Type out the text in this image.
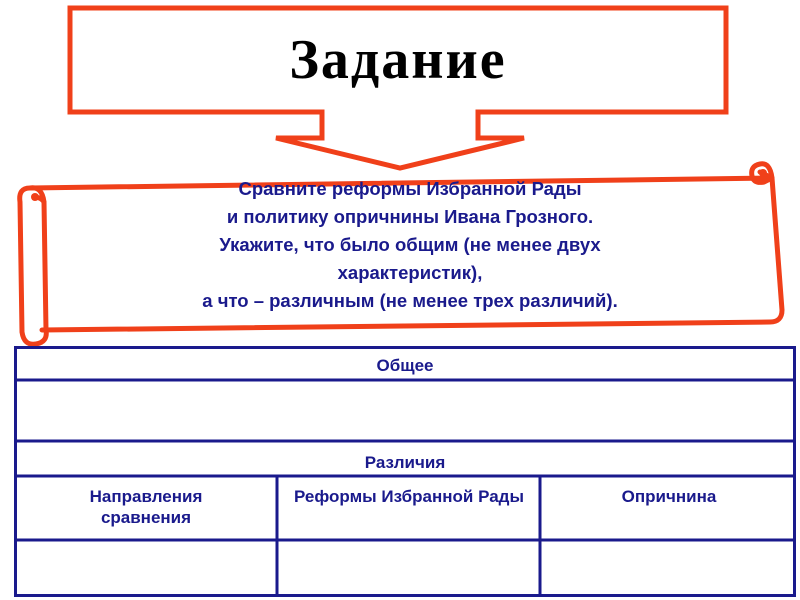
Задание
Сравните реформы Избранной Рады
и политику опричнины Ивана Грозного.
Укажите, что было общим (не менее двух
характеристик),
а что – различным (не менее трех различий).
Общее
Различия
Направления сравнения
Реформы Избранной Рады	Опричнина
